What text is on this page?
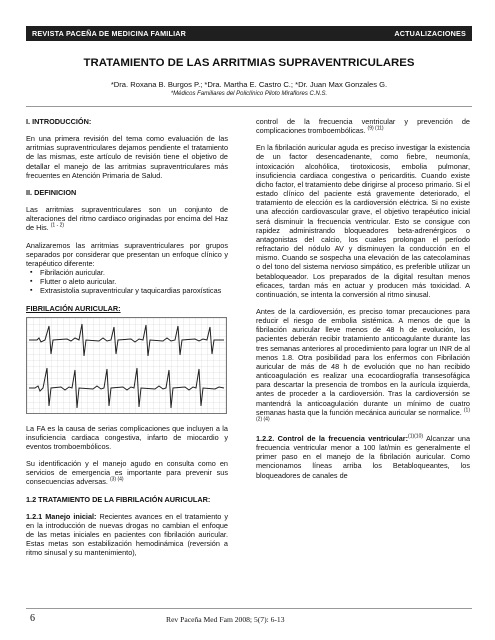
REVISTA PACEÑA DE MEDICINA FAMILIAR	ACTUALIZACIONES
TRATAMIENTO DE LAS ARRITMIAS SUPRAVENTRICULARES
*Dra. Roxana B. Burgos P.; *Dra. Martha E. Castro C.; *Dr. Juan Max Gonzales G.
*Médicos Familiares del Policlínico Piloto Miraflores C.N.S.
I. INTRODUCCIÓN:

En una primera revisión del tema como evaluación de las arritmias supraventriculares dejamos pendiente el tratamiento de las mismas, este artículo de revisión tiene el objetivo de detallar el manejo de las arritmias supraventriculares más frecuentes en Atención Primaria de Salud.

II. DEFINICION

Las arritmias supraventriculares son un conjunto de alteraciones del ritmo cardiaco originadas por encima del Haz de His. $^{(1 - 2)}$

Analizaremos las arritmias supraventriculares por grupos separados por considerar que presentan un enfoque clínico y terapéutico diferente:

▪ Fibrilación auricular.
▪ Flutter o aleto auricular.
▪ Extrasistolia supraventricular y taquicardias paroxísticas
FIBRILACIÓN AURICULAR:

La FA es la causa de serias complicaciones que incluyen a la insuficiencia cardiaca congestiva, infarto de miocardio y eventos tromboembólicos.

Su identificación y el manejo agudo en consulta como en servicios de emergencia es importante para prevenir sus consecuencias adversas. $^{(3) (4)}$

1.2 TRATAMIENTO DE LA FIBRILACIÓN AURICULAR:

1.2.1 Manejo inicial: Recientes avances en el tratamiento y en la introducción de nuevas drogas no cambian el enfoque de las metas iniciales en pacientes con fibrilación auricular. Estas metas son estabilización hemodinámica (reversión a ritmo sinusal y su mantenimiento),

control de la frecuencia ventricular y prevención de complicaciones tromboembólicas. $^{(9) (11)}$

En la fibrilación auricular aguda es preciso investigar la existencia de un factor desencadenante, como fiebre, neumonía, intoxicación alcohólica, tirotoxicosis, embolia pulmonar, insuficiencia cardiaca congestiva o pericarditis. Cuando existe dicho factor, el tratamiento debe dirigirse al proceso primario. Si el estado clínico del paciente está gravemente deteriorado, el tratamiento de elección es la cardioversión eléctrica. Si no existe una afección cardiovascular grave, el objetivo terapéutico inicial será disminuir la frecuencia ventricular. Esto se consigue con rapidez administrando bloqueadores beta-adrenérgicos o antagonistas del calcio, los cuales prolongan el período refractario del nódulo AV y disminuyen la conducción en el mismo. Cuando se sospecha una elevación de las catecolaminas o del tono del sistema nervioso simpático, es preferible utilizar un betabloqueador. Los preparados de la digital resultan menos eficaces, tardan más en actuar y producen más toxicidad. A continuación, se intenta la conversión al ritmo sinusal.

Antes de la cardioversión, es preciso tomar precauciones para reducir el riesgo de embolia sistémica. A menos de que la fibrilación auricular lleve menos de 48 h de evolución, los pacientes deberán recibir tratamiento anticoagulante durante las tres semanas anteriores al procedimiento para lograr un INR de al menos 1.8. Otra posibilidad para los enfermos con Fibrilación auricular de más de 48 h de evolución que no han recibido anticoagulación es realizar una ecocardiografía transesofágica para descartar la presencia de trombos en la aurícula izquierda, antes de proceder a la cardioversión. Tras la cardioversión se mantendrá la anticoagulación durante un mínimo de cuatro semanas hasta que la función mecánica auricular se normalice. $^{(1) (2) (4)}$

1.2.2. Control de la frecuencia ventricular:$^{(1)(10)}$ Alcanzar una frecuencia ventricular menor a 100 lat/min es generalmente el primer paso en el manejo de la fibrilación auricular. Como mencionamos líneas arriba los Betabloqueantes, los bloqueadores de canales de

6	Rev Paceña Med Fam 2008; 5(7): 6-13
